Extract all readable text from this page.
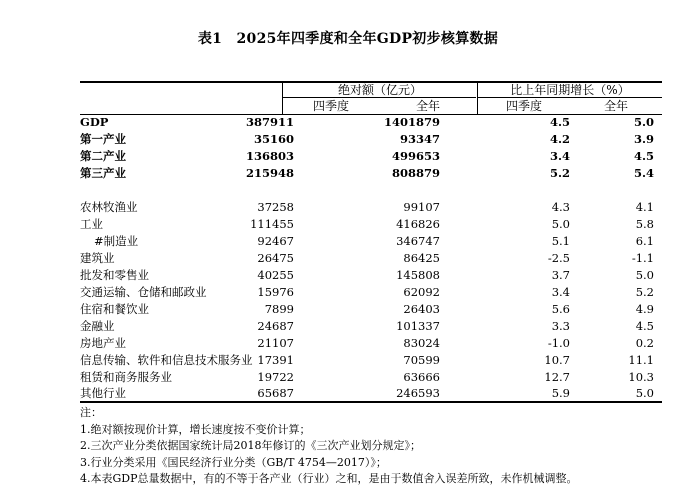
表1　2025年四季度和全年GDP初步核算数据
绝对额（亿元）	比上年同期增长（%）
四季度	全年	四季度	全年
GDP	387911	1401879	4.5	5.0
第一产业	35160	93347	4.2	3.9
第二产业	136803	499653	3.4	4.5
第三产业	215948	808879	5.2	5.4
农林牧渔业	37258	99107	4.3	4.1
工业	111455	416826	5.0	5.8
#制造业	92467	346747	5.1	6.1
建筑业	26475	86425	-2.5	-1.1
批发和零售业	40255	145808	3.7	5.0
交通运输、仓储和邮政业	15976	62092	3.4	5.2
住宿和餐饮业	7899	26403	5.6	4.9
金融业	24687	101337	3.3	4.5
房地产业	21107	83024	-1.0	0.2
信息传输、软件和信息技术服务业 17391	70599	10.7	11.1
租赁和商务服务业	19722	63666	12.7	10.3
其他行业	65687	246593	5.9	5.0
注：
1.绝对额按现价计算，增长速度按不变价计算；
2.三次产业分类依据国家统计局2018年修订的《三次产业划分规定》；
3.行业分类采用《国民经济行业分类（GB/T 4754—2017）》；
4.本表GDP总量数据中，有的不等于各产业（行业）之和，是由于数值舍入误差所致，未作机械调整。
